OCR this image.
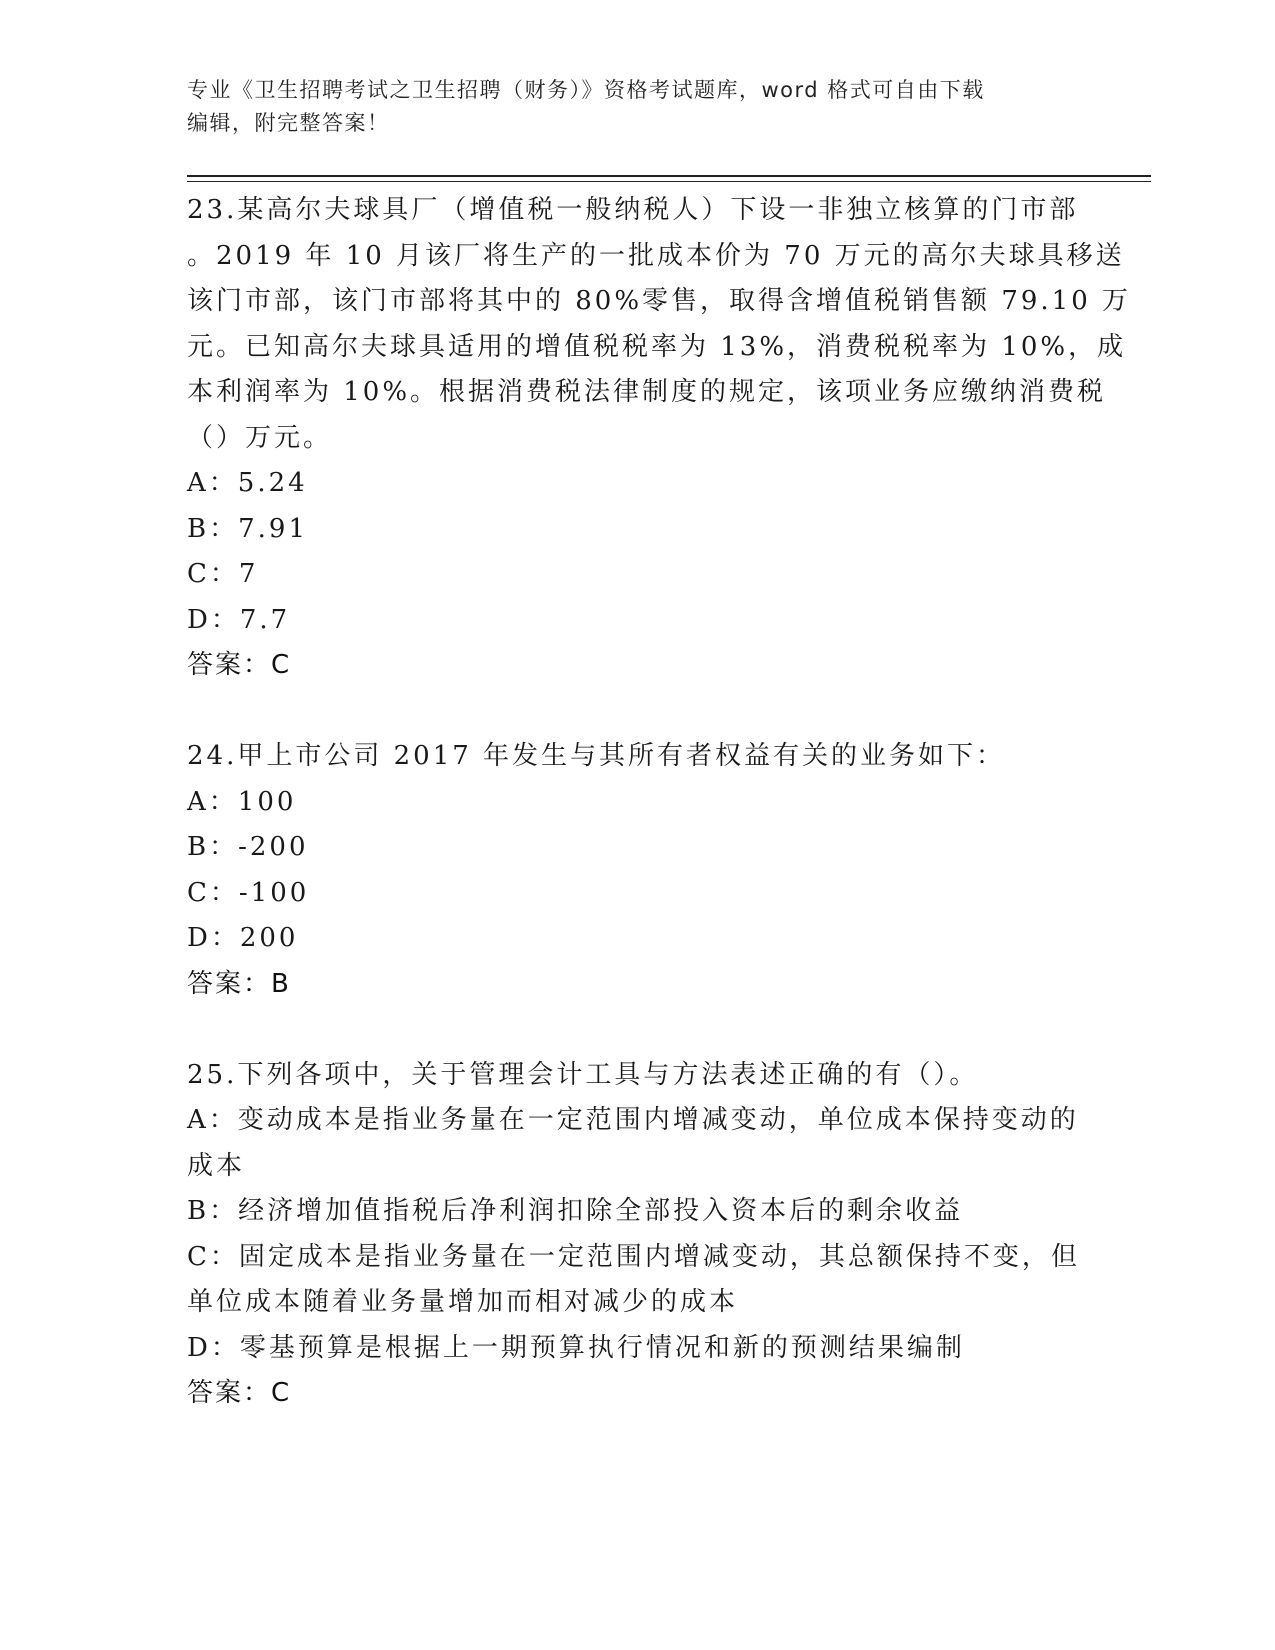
专业《卫生招聘考试之卫生招聘（财务）》资格考试题库，word 格式可自由下载
编辑，附完整答案！
23.某高尔夫球具厂（增值税一般纳税人）下设一非独立核算的门市部
。2019 年 10 月该厂将生产的一批成本价为 70 万元的高尔夫球具移送
该门市部，该门市部将其中的 80%零售，取得含增值税销售额 79.10 万
元。已知高尔夫球具适用的增值税税率为 13%，消费税税率为 10%，成
本利润率为 10%。根据消费税法律制度的规定，该项业务应缴纳消费税
（）万元。
A：5.24
B：7.91
C：7
D：7.7
答案：C
24.甲上市公司 2017 年发生与其所有者权益有关的业务如下：
A：100
B：-200
C：-100
D：200
答案：B
25.下列各项中，关于管理会计工具与方法表述正确的有（）。
A：变动成本是指业务量在一定范围内增减变动，单位成本保持变动的
成本
B：经济增加值指税后净利润扣除全部投入资本后的剩余收益
C：固定成本是指业务量在一定范围内增减变动，其总额保持不变，但
单位成本随着业务量增加而相对减少的成本
D：零基预算是根据上一期预算执行情况和新的预测结果编制
答案：C
